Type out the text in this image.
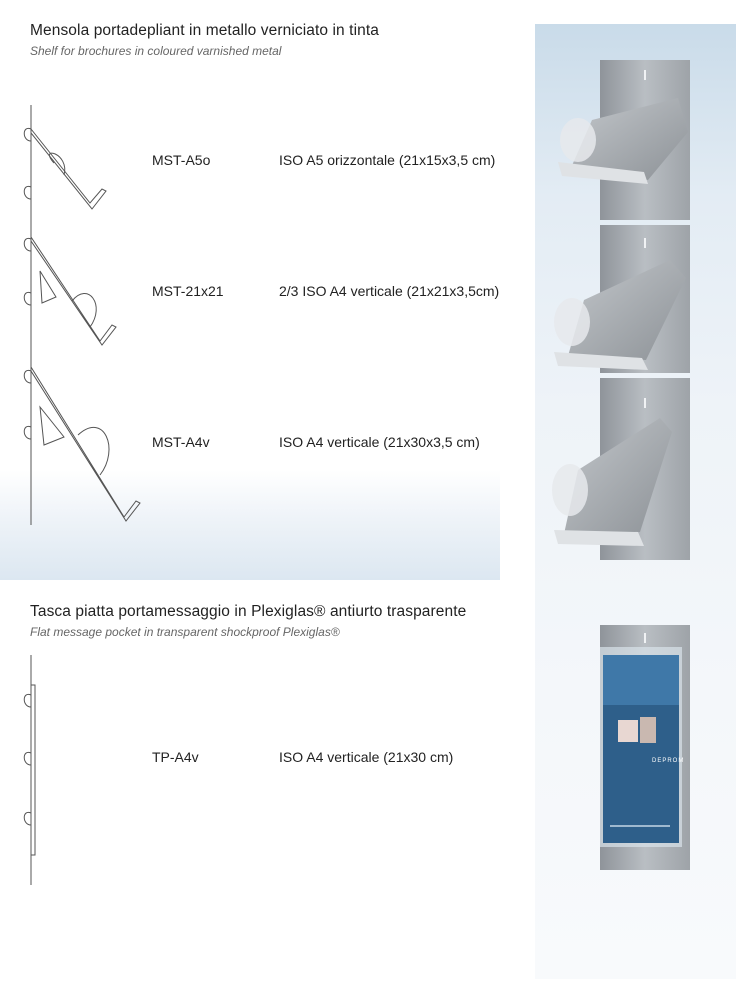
Mensola portadepliant in metallo verniciato in tinta
Shelf for brochures in coloured varnished metal
MST-A5o	ISO A5 orizzontale (21x15x3,5 cm)
MST-21x21	2/3 ISO A4 verticale (21x21x3,5cm)
MST-A4v	ISO A4 verticale (21x30x3,5 cm)
Tasca piatta portamessaggio in Plexiglas® antiurto trasparente
Flat message pocket in transparent shockproof Plexiglas®
TP-A4v	ISO A4 verticale (21x30 cm)	DEPROM
